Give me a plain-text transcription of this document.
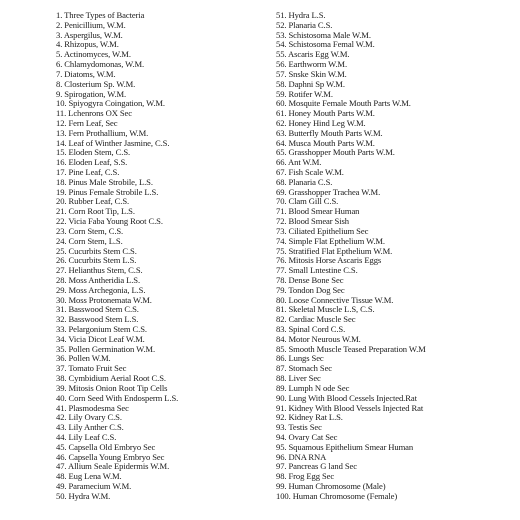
1. Three Types of Bacteria
2. Penicillium, W.M.
3. Aspergilus, W.M.
4. Rhizopus, W.M.
5. Actinomyces, W.M.
6. Chlamydomonas, W.M.
7. Diatoms, W.M.
8. Closterium Sp. W.M.
9. Spirogation, W.M.
10. Spiyogyra Coingation, W.M.
11. Lchenrons OX Sec
12. Fern Leaf, Sec
13. Fern Prothallium, W.M.
14. Leaf of Winther Jasmine, C.S.
15. Eloden Stem, C.S.
16. Eloden Leaf, S.S.
17. Pine Leaf, C.S.
18. Pinus Male Strobile, L.S.
19. Pinus Female Strobile L.S.
20. Rubber Leaf, C.S.
21. Corn Root Tip, L.S.
22. Vicia Faba Young Root C.S.
23. Corn Stem, C.S.
24. Corn Stem, L.S.
25. Cucurbits Stem C.S.
26. Cucurbits Stem L.S.
27. Helianthus Stem, C.S.
28. Moss Antheridia L.S.
29. Moss Archegonia, L.S.
30. Moss Protonemata W.M.
31. Basswood Stem C.S.
32. Basswood Stem L.S.
33. Pelargonium Stem C.S.
34. Vicia Dicot Leaf W.M.
35. Pollen Germination W.M.
36. Pollen W.M.
37. Tomato Fruit Sec
38. Cymbidium Aerial Root C.S.
39. Mitosis Onion Root Tip Cells
40. Corn Seed With Endosperm L.S.
41. Plasmodesma Sec
42. Lily Ovary C.S.
43. Lily Anther C.S.
44. Lily Leaf C.S.
45. Capsella Old Embryo Sec
46. Capsella Young Embryo Sec
47. Allium Seale Epidermis W.M.
48. Eug Lena W.M.
49. Paramecium W.M.
50. Hydra W.M.
51. Hydra L.S.
52. Planaria C.S.
53. Schistosoma Male W.M.
54. Schistosoma Femal W.M.
55. Ascaris Egg W.M.
56. Earthworm W.M.
57. Snske Skin W.M.
58. Daphni Sp W.M.
59. Rotifer W.M.
60. Mosquite Female Mouth Parts W.M.
61. Honey Mouth Parts W.M.
62. Honey Hind Leg W.M.
63. Butterfly Mouth Parts W.M.
64. Musca Mouth Parts W.M.
65. Grasshopper Mouth Parts W.M.
66. Ant W.M.
67. Fish Scale W.M.
68. Planaria C.S.
69. Grasshopper Trachea W.M.
70. Clam Gill C.S.
71. Blood Smear Human
72. Blood Smear Sish
73. Ciliated Epithelium Sec
74. Simple Flat Epthelium W.M.
75. Stratified Flat Epthelium W.M.
76. Mitosis Horse Ascaris Eggs
77. Small Lntestine C.S.
78. Dense Bone Sec
79. Tondon Dog Sec
80. Loose Connective Tissue W.M.
81. Skeletal Muscle L.S, C.S.
82. Cardiac Muscle Sec
83. Spinal Cord C.S.
84. Motor Neurous W.M.
85. Smooth Muscle Teased Preparation W.M
86. Lungs Sec
87. Stomach Sec
88. Liver Sec
89. Lumph N ode Sec
90. Lung With Blood Cessels Injected.Rat
91. Kidney With Blood Vessels Injected Rat
92. Kidney Rat L.S.
93. Testis Sec
94. Ovary Cat Sec
95. Squamous Epithelium Smear Human
96. DNA RNA
97. Pancreas G land Sec
98. Frog Egg Sec
99. Human Chromosome (Male)
100. Human Chromosome (Female)
